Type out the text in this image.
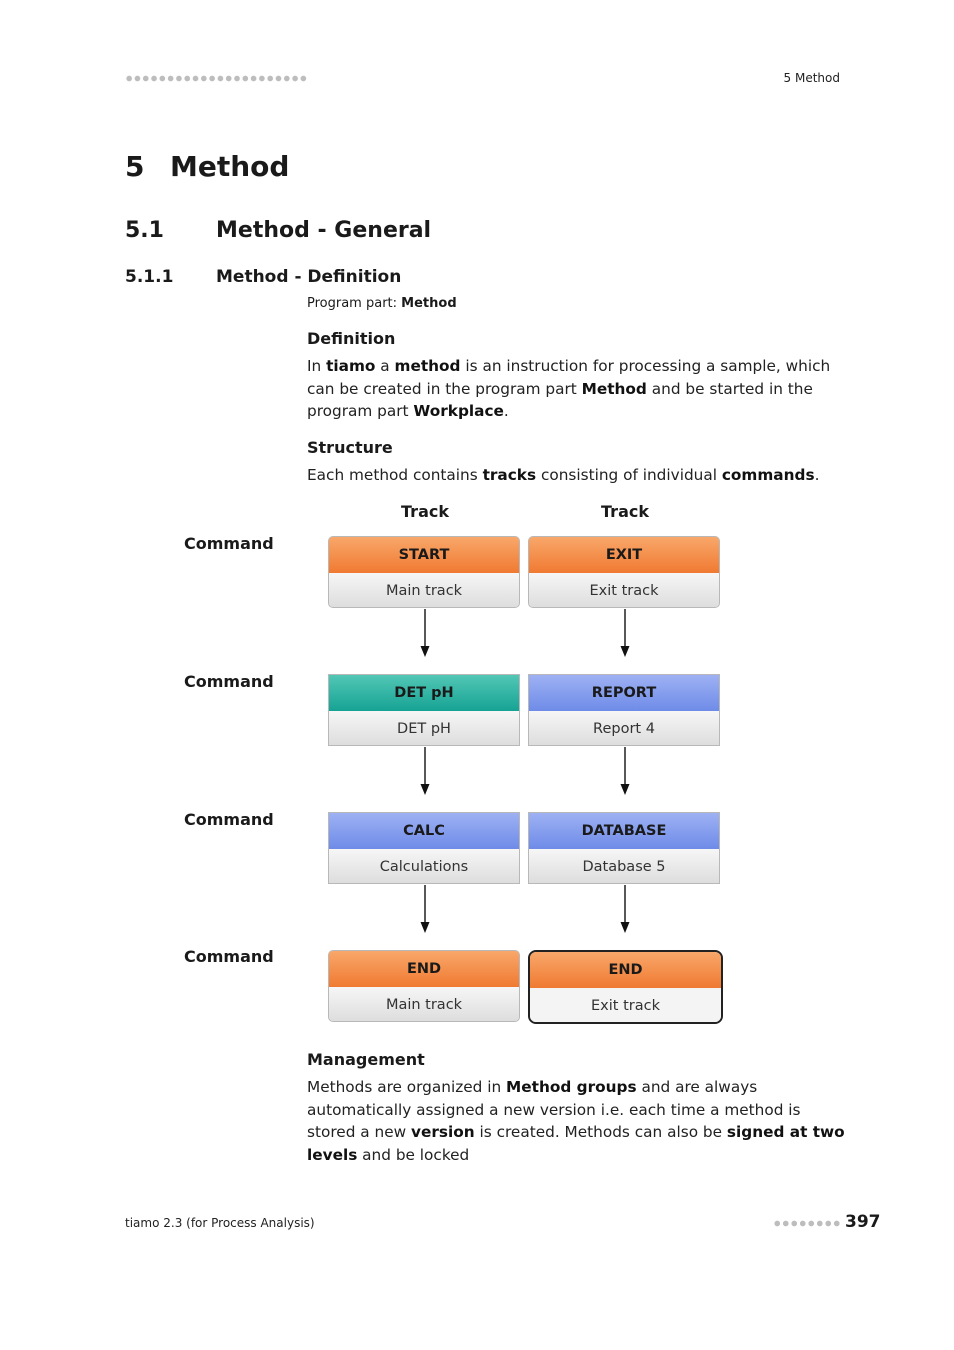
5 Method
5 Method
5.1 Method - General
5.1.1	Method - Definition
Program part: Method
Definition
In tiamo a method is an instruction for processing a sample, which can be created in the program part Method and be started in the program part Workplace.
Structure
Each method contains tracks consisting of individual commands.
Track	Track
Command
Command
Command
Command
START
Main track
DET pH
DET pH
CALC
Calculations
END
Main track
EXIT
Exit track
REPORT
Report 4
DATABASE
Database 5
END
Exit track
Management
Methods are organized in Method groups and are always automatically assigned a new version i.e. each time a method is stored a new version is created. Methods can also be signed at two levels and be locked
tiamo 2.3 (for Process Analysis)	397
